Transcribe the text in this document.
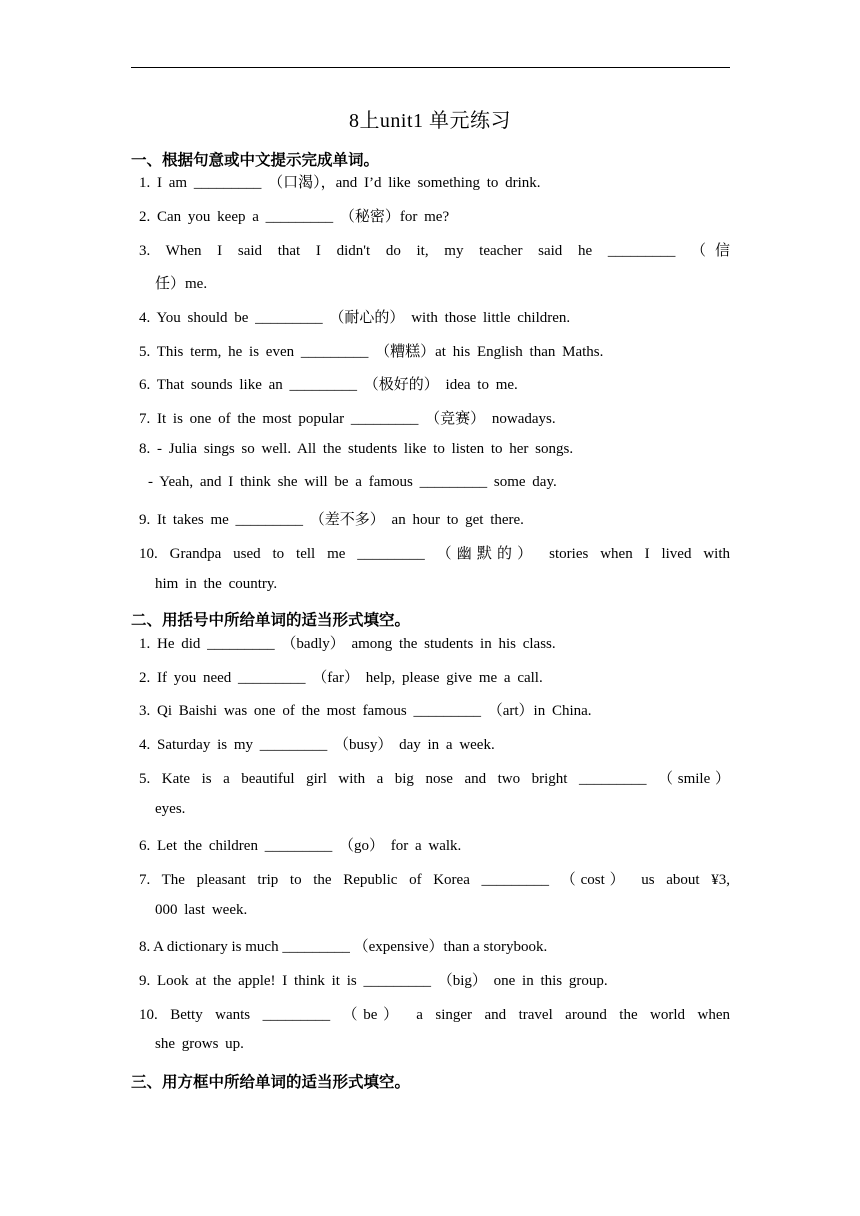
8上unit1 单元练习
一、根据句意或中文提示完成单词。
1. I am _________ （口渴），and I’d like something to drink.
2. Can you keep a _________ （秘密）for me?
3. When I said that I didn't do it, my teacher said he _________ （信
任）me.
4. You should be _________ （耐心的） with those little children.
5. This term, he is even _________ （糟糕）at his English than Maths.
6. That sounds like an _________ （极好的） idea to me.
7. It is one of the most popular _________ （竞赛） nowadays.
8. - Julia sings so well. All the students like to listen to her songs.
- Yeah, and I think she will be a famous _________ some day.
9. It takes me _________ （差不多） an hour to get there.
10. Grandpa used to tell me _________ （幽默的） stories when I lived with
him in the country.
二、用括号中所给单词的适当形式填空。
1. He did _________ （badly） among the students in his class.
2. If you need _________ （far） help, please give me a call.
3. Qi Baishi was one of the most famous _________ （art）in China.
4. Saturday is my _________ （busy） day in a week.
5. Kate is a beautiful girl with a big nose and two bright _________ （smile）
eyes.
6. Let the children _________ （go） for a walk.
7. The pleasant trip to the Republic of Korea _________ （cost） us about ¥3,
000 last week.
8. A dictionary is much _________ （expensive）than a storybook.
9. Look at the apple! I think it is _________ （big） one in this group.
10. Betty wants _________ （be） a singer and travel around the world when
she grows up.
三、用方框中所给单词的适当形式填空。
